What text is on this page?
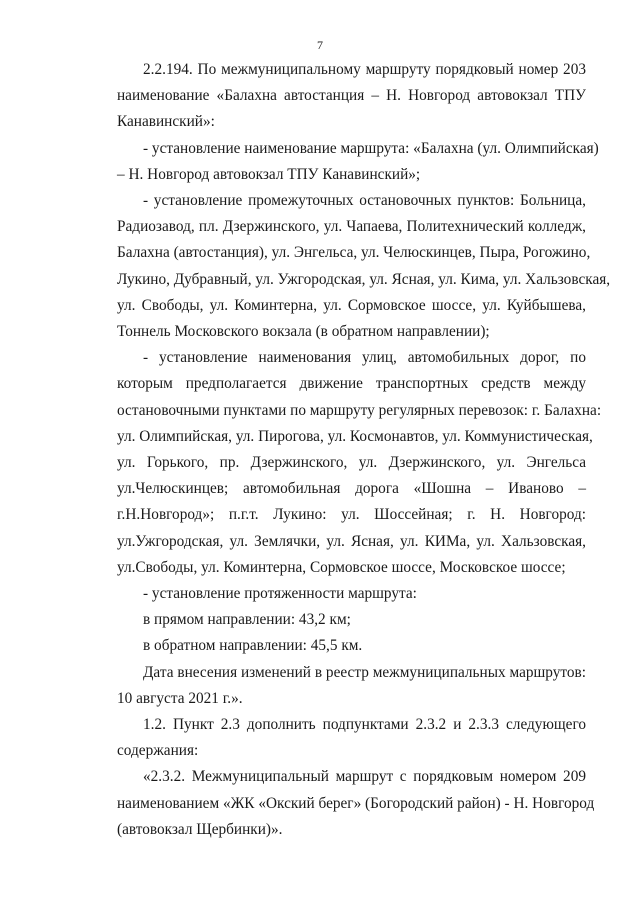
7
2.2.194. По межмуниципальному маршруту порядковый номер 203
наименование «Балахна автостанция – Н. Новгород автовокзал ТПУ
Канавинский»:
- установление наименование маршрута: «Балахна (ул. Олимпийская)
– Н. Новгород автовокзал ТПУ Канавинский»;
- установление промежуточных остановочных пунктов: Больница,
Радиозавод, пл. Дзержинского, ул. Чапаева, Политехнический колледж,
Балахна (автостанция), ул. Энгельса, ул. Челюскинцев, Пыра, Рогожино,
Лукино, Дубравный, ул. Ужгородская, ул. Ясная, ул. Кима, ул. Хальзовская,
ул. Свободы, ул. Коминтерна, ул. Сормовское шоссе, ул. Куйбышева,
Тоннель Московского вокзала (в обратном направлении);
- установление наименования улиц, автомобильных дорог, по
которым предполагается движение транспортных средств между
остановочными пунктами по маршруту регулярных перевозок: г. Балахна:
ул. Олимпийская, ул. Пирогова, ул. Космонавтов, ул. Коммунистическая,
ул. Горького, пр. Дзержинского, ул. Дзержинского, ул. Энгельса
ул.Челюскинцев; автомобильная дорога «Шошна – Иваново –
г.Н.Новгород»; п.г.т. Лукино: ул. Шоссейная; г. Н. Новгород:
ул.Ужгородская, ул. Землячки, ул. Ясная, ул. КИМа, ул. Хальзовская,
ул.Свободы, ул. Коминтерна, Сормовское шоссе, Московское шоссе;
- установление протяженности маршрута:
в прямом направлении: 43,2 км;
в обратном направлении: 45,5 км.
Дата внесения изменений в реестр межмуниципальных маршрутов:
10 августа 2021 г.».
1.2. Пункт 2.3 дополнить подпунктами 2.3.2 и 2.3.3 следующего
содержания:
«2.3.2. Межмуниципальный маршрут с порядковым номером 209
наименованием «ЖК «Окский берег» (Богородский район) - Н. Новгород
(автовокзал Щербинки)».
